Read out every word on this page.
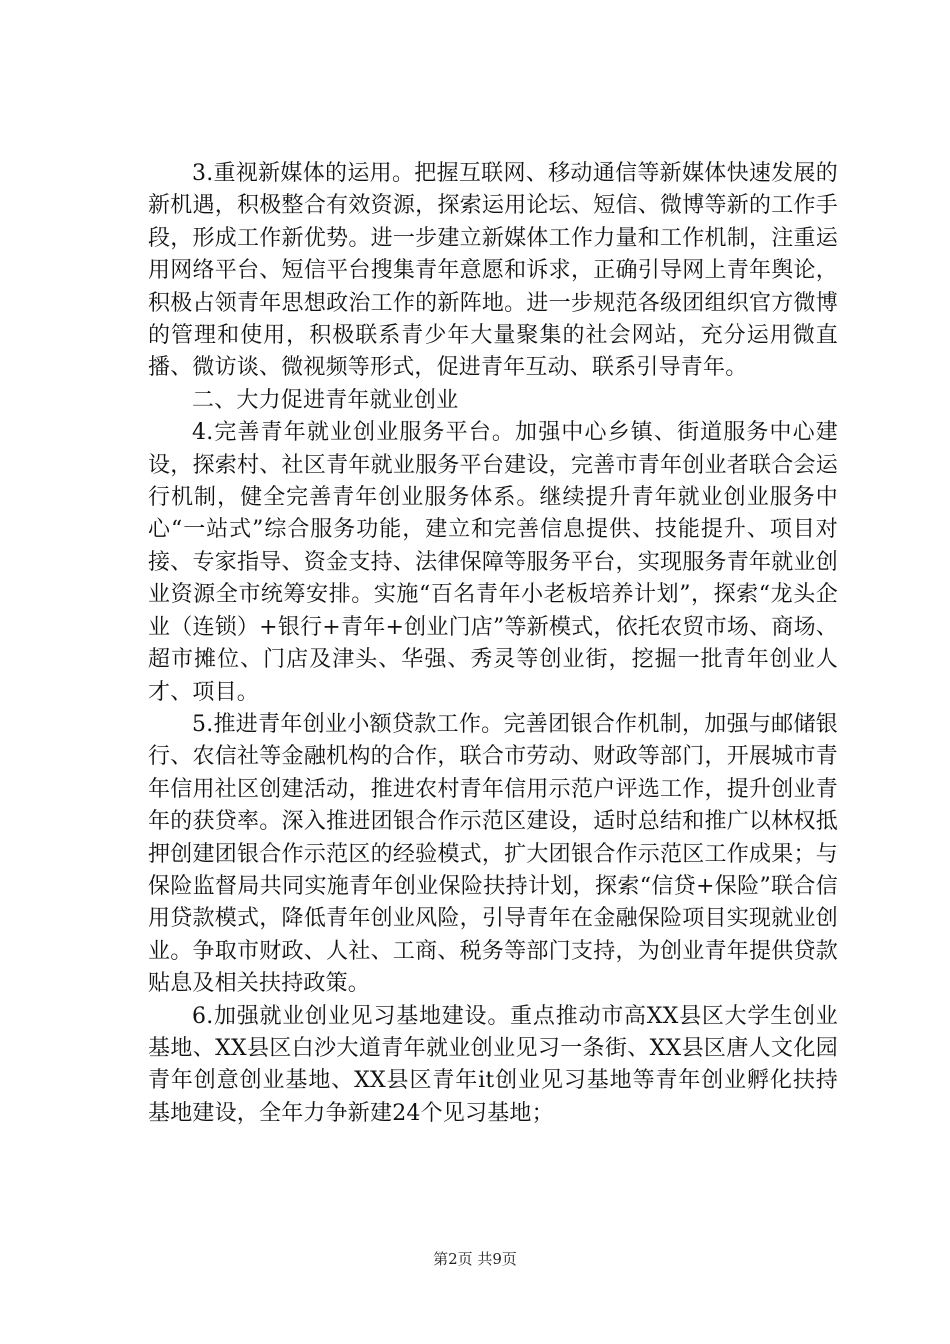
3.重视新媒体的运用。把握互联网、移动通信等新媒体快速发展的新机遇，积极整合有效资源，探索运用论坛、短信、微博等新的工作手段，形成工作新优势。进一步建立新媒体工作力量和工作机制，注重运用网络平台、短信平台搜集青年意愿和诉求，正确引导网上青年舆论，积极占领青年思想政治工作的新阵地。进一步规范各级团组织官方微博的管理和使用，积极联系青少年大量聚集的社会网站，充分运用微直播、微访谈、微视频等形式，促进青年互动、联系引导青年。

二、大力促进青年就业创业

4.完善青年就业创业服务平台。加强中心乡镇、街道服务中心建设，探索村、社区青年就业服务平台建设，完善市青年创业者联合会运行机制，健全完善青年创业服务体系。继续提升青年就业创业服务中心“一站式”综合服务功能，建立和完善信息提供、技能提升、项目对接、专家指导、资金支持、法律保障等服务平台，实现服务青年就业创业资源全市统筹安排。实施“百名青年小老板培养计划”，探索“龙头企业（连锁）+银行+青年+创业门店”等新模式，依托农贸市场、商场、超市摊位、门店及津头、华强、秀灵等创业街，挖掘一批青年创业人才、项目。

5.推进青年创业小额贷款工作。完善团银合作机制，加强与邮储银行、农信社等金融机构的合作，联合市劳动、财政等部门，开展城市青年信用社区创建活动，推进农村青年信用示范户评选工作，提升创业青年的获贷率。深入推进团银合作示范区建设，适时总结和推广以林权抵押创建团银合作示范区的经验模式，扩大团银合作示范区工作成果；与保险监督局共同实施青年创业保险扶持计划，探索“信贷+保险”联合信用贷款模式，降低青年创业风险，引导青年在金融保险项目实现就业创业。争取市财政、人社、工商、税务等部门支持，为创业青年提供贷款贴息及相关扶持政策。

6.加强就业创业见习基地建设。重点推动市高XX县区大学生创业基地、XX县区白沙大道青年就业创业见习一条街、XX县区唐人文化园青年创意创业基地、XX县区青年it创业见习基地等青年创业孵化扶持基地建设，全年力争新建24个见习基地；

第2页 共9页
